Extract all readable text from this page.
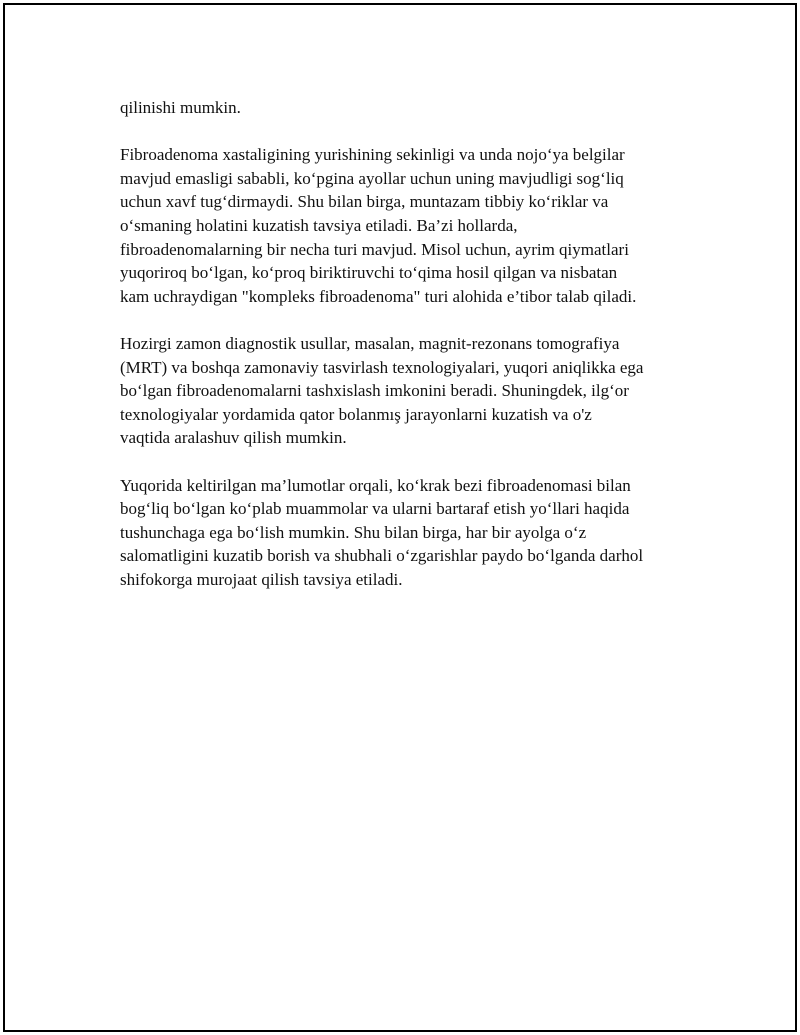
qilinishi mumkin.

Fibroadenoma xastaligining yurishining sekinligi va unda nojo‘ya belgilar
mavjud emasligi sababli, ko‘pgina ayollar uchun uning mavjudligi sog‘liq
uchun xavf tug‘dirmaydi. Shu bilan birga, muntazam tibbiy ko‘riklar va
o‘smaning holatini kuzatish tavsiya etiladi. Ba’zi hollarda,
fibroadenomalarning bir necha turi mavjud. Misol uchun, ayrim qiymatlari
yuqoriroq bo‘lgan, ko‘proq biriktiruvchi to‘qima hosil qilgan va nisbatan
kam uchraydigan "kompleks fibroadenoma" turi alohida e’tibor talab qiladi.

Hozirgi zamon diagnostik usullar, masalan, magnit-rezonans tomografiya
(MRT) va boshqa zamonaviy tasvirlash texnologiyalari, yuqori aniqlikka ega
bo‘lgan fibroadenomalarni tashxislash imkonini beradi. Shuningdek, ilg‘or
texnologiyalar yordamida qator bolanmış jarayonlarni kuzatish va o'z
vaqtida aralashuv qilish mumkin.

Yuqorida keltirilgan ma’lumotlar orqali, ko‘krak bezi fibroadenomasi bilan
bog‘liq bo‘lgan ko‘plab muammolar va ularni bartaraf etish yo‘llari haqida
tushunchaga ega bo‘lish mumkin. Shu bilan birga, har bir ayolga o‘z
salomatligini kuzatib borish va shubhali o‘zgarishlar paydo bo‘lganda darhol
shifokorga murojaat qilish tavsiya etiladi.
